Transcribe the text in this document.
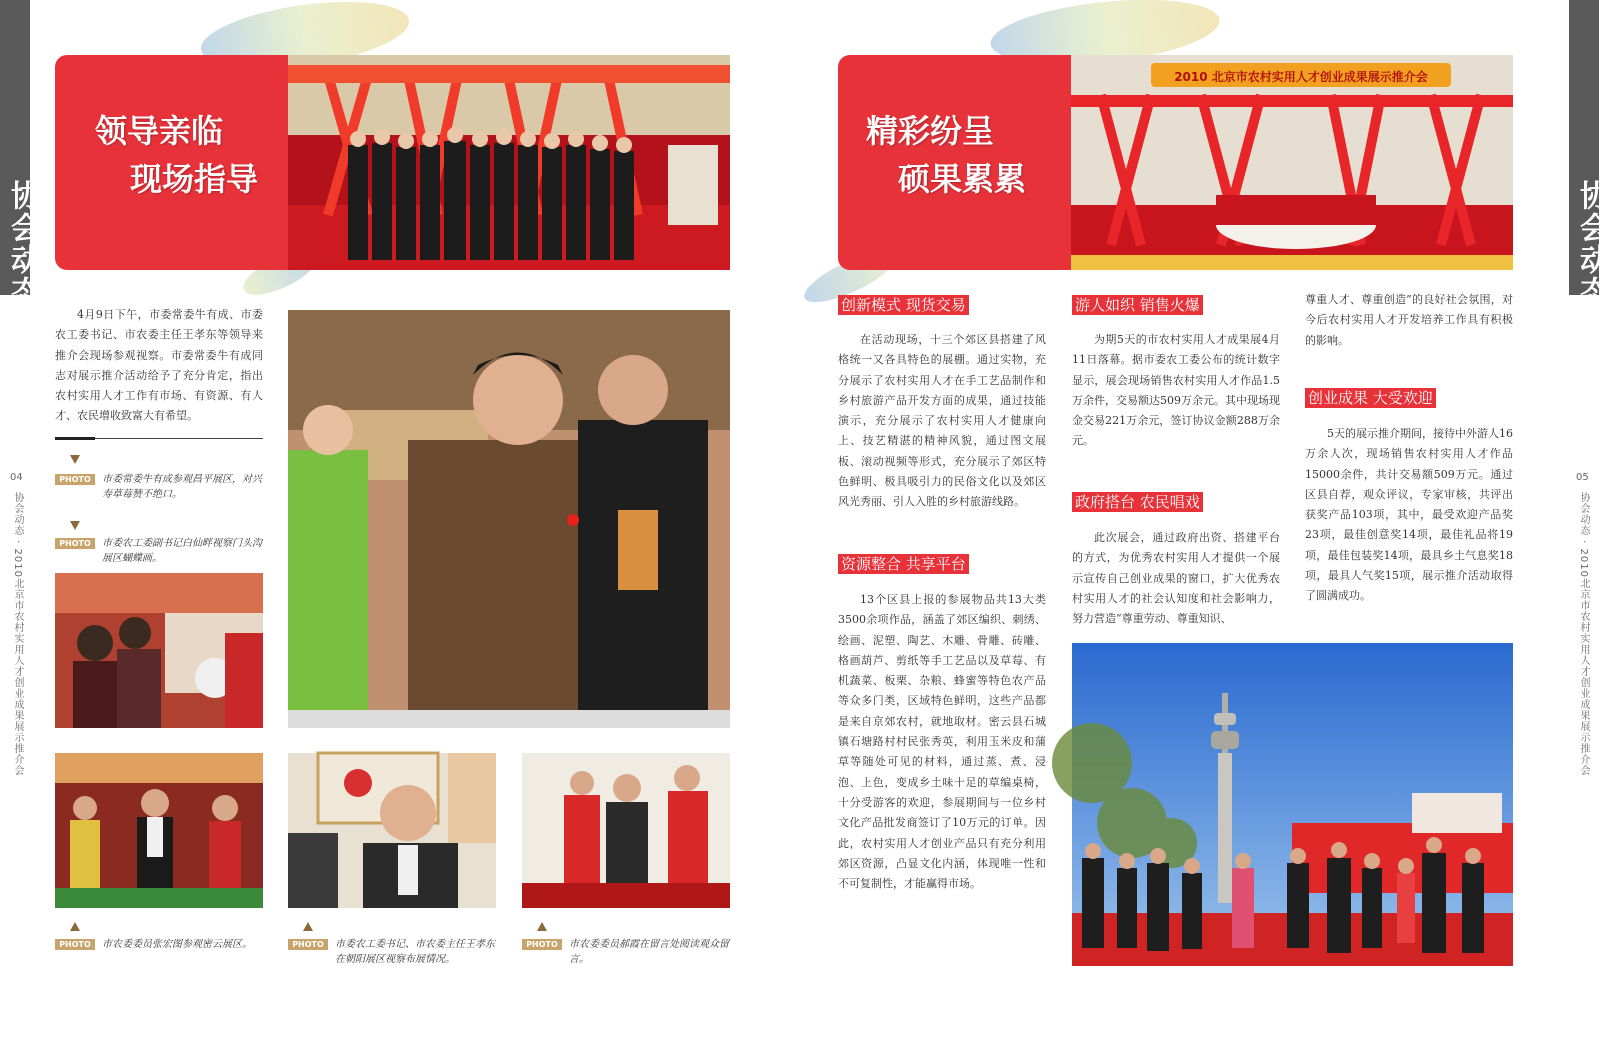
协会动态
04
协会动态 · 2010北京市农村实用人才创业成果展示推介会
协会动态
05
协会动态 · 2010北京市农村实用人才创业成果展示推介会
领导亲临
现场指导
2010 北京市农村实用人才创业成果展示推介会
精彩纷呈
硕果累累

4月9日下午，市委常委牛有成、市委农工委书记、市农委主任王孝东等领导来推介会现场参观视察。市委常委牛有成同志对展示推介活动给予了充分肯定，指出农村实用人才工作有市场、有资源、有人才、农民增收致富大有希望。

PHOTO	市委常委牛有成参观昌平展区，对兴寿草莓赞不绝口。
PHOTO	市委农工委副书记白仙畔视察门头沟展区蝴蝶画。
PHOTO	市农委委员张宏图参观密云展区。	PHOTO	市委农工委书记、市农委主任王孝东在朝阳展区视察布展情况。
PHOTO	市农委委员郝霞在留言处阅读观众留言。
创新模式 现货交易

在活动现场，十三个郊区县搭建了风格统一又各具特色的展棚。通过实物，充分展示了农村实用人才在手工艺品制作和乡村旅游产品开发方面的成果，通过技能演示，充分展示了农村实用人才健康向上、技艺精湛的精神风貌，通过图文展板、滚动视频等形式，充分展示了郊区特色鲜明、极具吸引力的民俗文化以及郊区风光秀丽、引人入胜的乡村旅游线路。

资源整合 共享平台

13个区县上报的参展物品共13大类3500余项作品，涵盖了郊区编织、刺绣、绘画、泥塑、陶艺、木雕、骨雕、砖雕、格画葫芦、剪纸等手工艺品以及草莓、有机蔬菜、板栗、杂粮、蜂蜜等特色农产品等众多门类，区域特色鲜明，这些产品都是来自京郊农村，就地取材。密云县石城镇石塘路村村民张秀英，利用玉米皮和蒲草等随处可见的材料，通过蒸、煮、浸泡、上色，变成乡土味十足的草编桌椅，十分受游客的欢迎，参展期间与一位乡村文化产品批发商签订了10万元的订单。因此，农村实用人才创业产品只有充分利用郊区资源，凸显文化内涵，体现唯一性和不可复制性，才能赢得市场。

游人如织 销售火爆

为期5天的市农村实用人才成果展4月11日落幕。据市委农工委公布的统计数字显示，展会现场销售农村实用人才作品1.5万余件，交易额达509万余元。其中现场现金交易221万余元，签订协议金额288万余元。

政府搭台 农民唱戏

此次展会，通过政府出资、搭建平台的方式，为优秀农村实用人才提供一个展示宣传自己创业成果的窗口，扩大优秀农村实用人才的社会认知度和社会影响力，努力营造“尊重劳动、尊重知识、

尊重人才、尊重创造”的良好社会氛围，对今后农村实用人才开发培养工作具有积极的影响。
创业成果 大受欢迎

5天的展示推介期间，接待中外游人16万余人次，现场销售农村实用人才作品15000余件，共计交易额509万元。通过区县自荐，观众评议，专家审核，共评出获奖产品103项，其中，最受欢迎产品奖23项，最佳创意奖14项，最佳礼品将19项，最佳包装奖14项，最具乡土气息奖18项，最具人气奖15项，展示推介活动取得了圆满成功。
